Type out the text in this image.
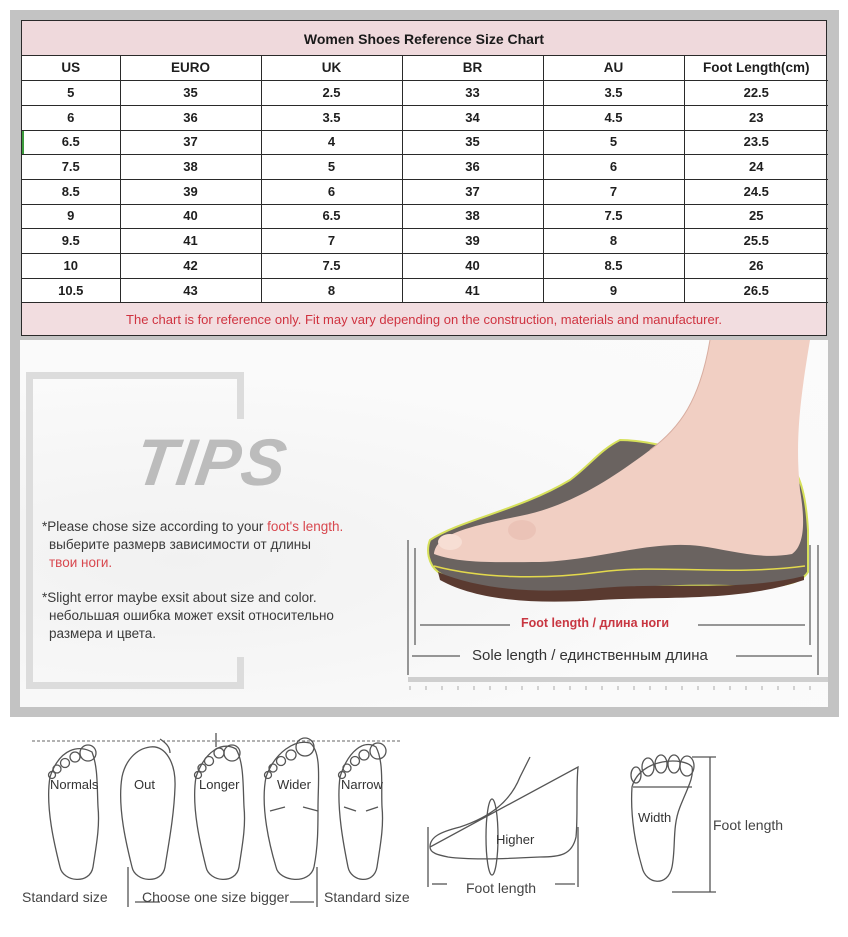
Women Shoes Reference Size Chart
US	EURO	UK	BR	AU	Foot Length(cm)
5	35	2.5	33	3.5	22.5
6	36	3.5	34	4.5	23
6.5	37	4	35	5	23.5
7.5	38	5	36	6	24
8.5	39	6	37	7	24.5
9	40	6.5	38	7.5	25
9.5	41	7	39	8	25.5
10	42	7.5	40	8.5	26
10.5	43	8	41	9	26.5
The chart is for reference only. Fit may vary depending on the construction, materials and manufacturer.
TIPS
*Please chose size according to your foot's length.
выберите размерв зависимости от длины
твои ноги.
*Slight error maybe exsit about size and color.
небольшая ошибка может exsit относительно
размера и цвета.
Foot length / длина ноги
Sole length / единственным длина
Normals	Out	Longer	Wider Narrow
Standard size Choose one size bigger Standard size
Higher
Foot length
Width	Foot length
